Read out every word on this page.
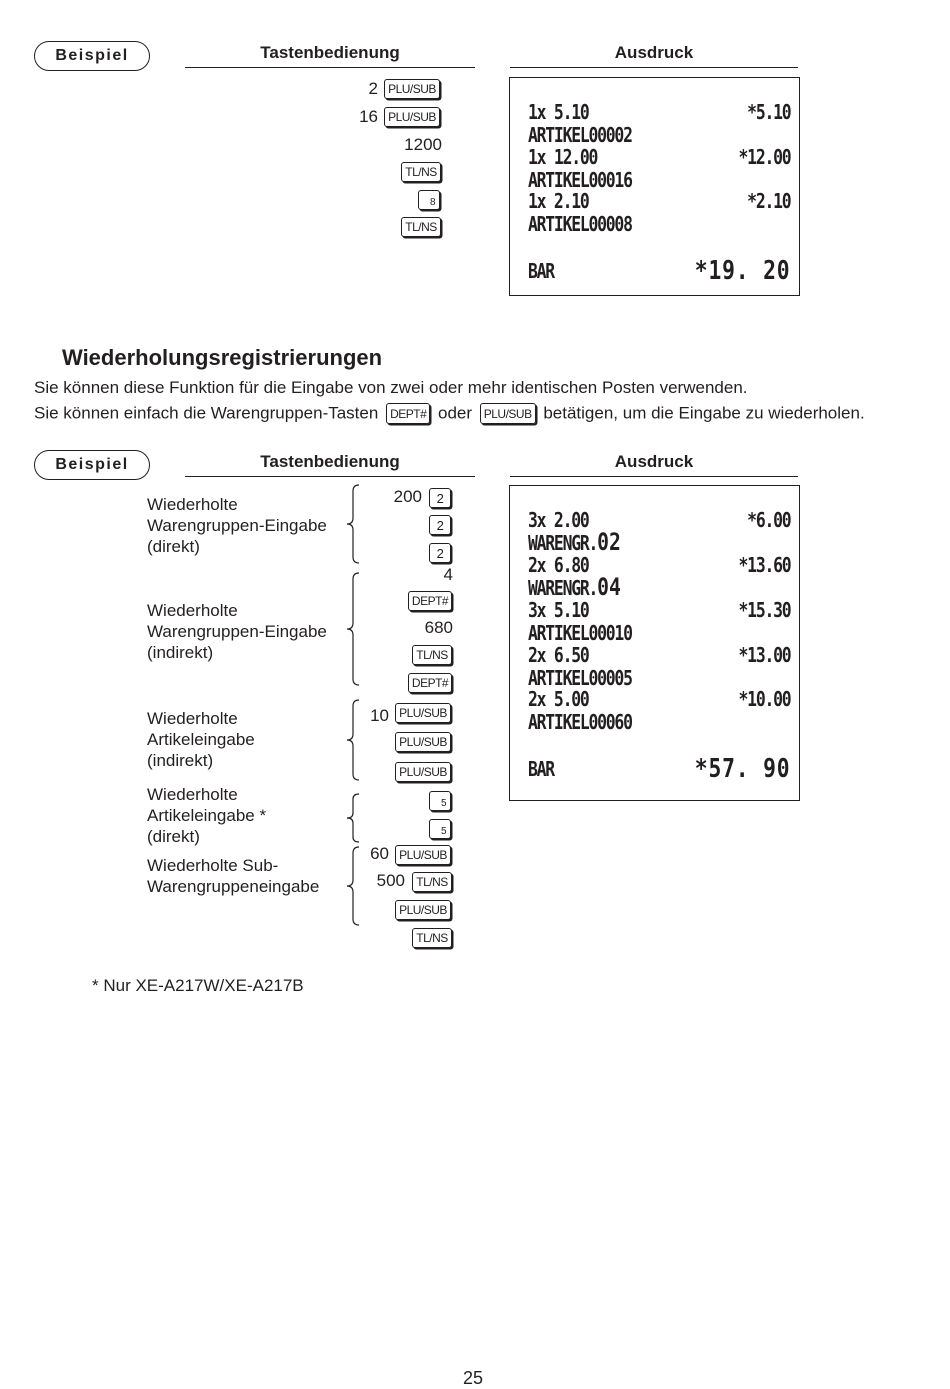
Beispiel	Tastenbedienung	Ausdruck
2 PLU/SUB
16 PLU/SUB
1200
TL/NS
8
TL/NS
1x 5.10	*5.10
ARTIKEL00002
1x 12.00	*12.00
ARTIKEL00016
1x 2.10	*2.10
ARTIKEL00008
BAR	*19. 20
Wiederholungsregistrierungen
Sie können diese Funktion für die Eingabe von zwei oder mehr identischen Posten verwenden.
Sie können einfach die Warengruppen-Tasten DEPT# oder PLU/SUB betätigen, um die Eingabe zu wiederholen.
Beispiel	Tastenbedienung	Ausdruck
Wiederholte
Warengruppen-Eingabe
(direkt)
Wiederholte
Warengruppen-Eingabe
(indirekt)
Wiederholte
Artikeleingabe
(indirekt)
Wiederholte
Artikeleingabe *
(direkt)
Wiederholte Sub-
Warengruppeneingabe
200	2
2
2
4
DEPT#
680
TL/NS
DEPT#
10 PLU/SUB
PLU/SUB
PLU/SUB
5
5
60 PLU/SUB
500 TL/NS
PLU/SUB
TL/NS
3x 2.00	*6.00
WARENGR.02
2x 6.80	*13.60
WARENGR.04
3x 5.10	*15.30
ARTIKEL00010
2x 6.50	*13.00
ARTIKEL00005
2x 5.00	*10.00
ARTIKEL00060
BAR	*57. 90
* Nur XE-A217W/XE-A217B
25
